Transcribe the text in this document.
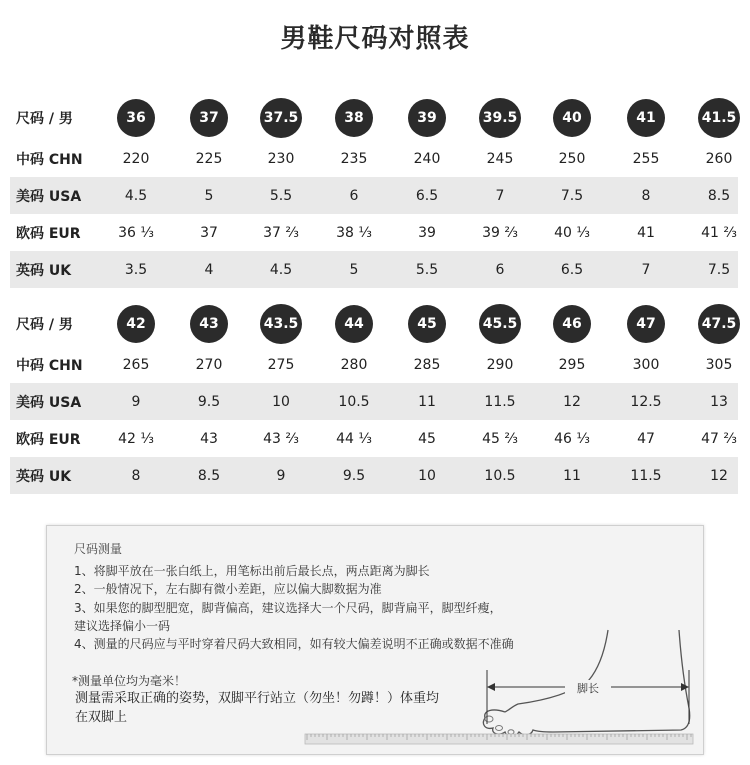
男鞋尺码对照表
尺码 / 男	36	37	37.5	38	39	39.5	40	41	41.5
中码 CHN	220	225	230	235	240	245	250	255	260
美码 USA	4.5	5	5.5	6	6.5	7	7.5	8	8.5
欧码 EUR	36 ⅓	37	37 ⅔	38 ⅓	39	39 ⅔	40 ⅓	41	41 ⅔
英码 UK	3.5	4	4.5	5	5.5	6	6.5	7	7.5
尺码 / 男	42	43	43.5	44	45	45.5	46	47	47.5
中码 CHN	265	270	275	280	285	290	295	300	305
美码 USA	9	9.5	10	10.5	11	11.5	12	12.5	13
欧码 EUR	42 ⅓	43	43 ⅔	44 ⅓	45	45 ⅔	46 ⅓	47	47 ⅔
英码 UK	8	8.5	9	9.5	10	10.5	11	11.5	12
尺码测量
1、将脚平放在一张白纸上，用笔标出前后最长点，两点距离为脚长
2、一般情况下，左右脚有微小差距，应以偏大脚数据为准
3、如果您的脚型肥宽，脚背偏高，建议选择大一个尺码，脚背扁平，脚型纤瘦，
建议选择偏小一码
4、测量的尺码应与平时穿着尺码大致相同，如有较大偏差说明不正确或数据不准确
*测量单位均为毫米！
测量需采取正确的姿势，双脚平行站立（勿坐！勿蹲！）体重均
在双脚上
脚长
